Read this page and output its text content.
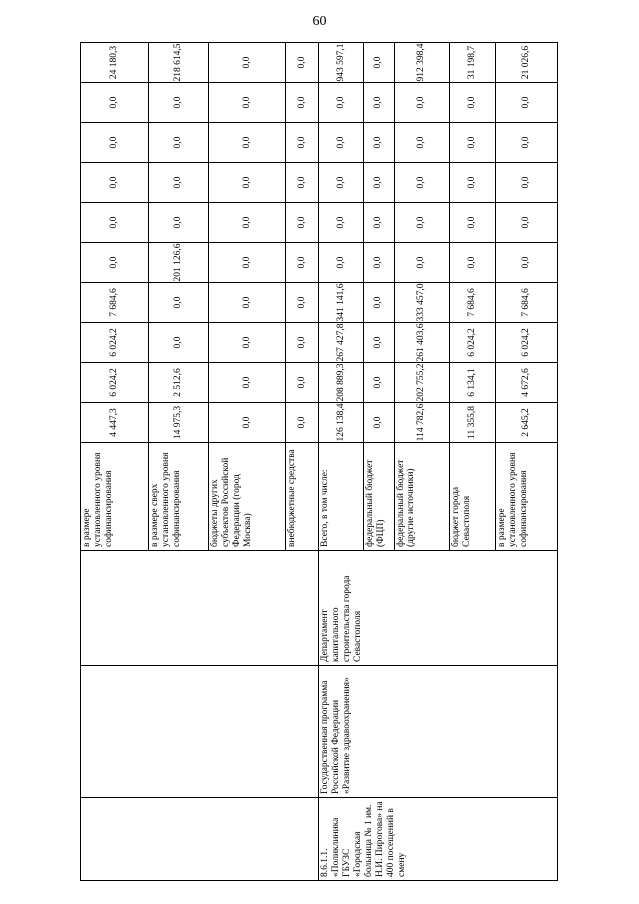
60
			в размере установленного уровня софинансирования	4 447,3	6 024,2	6 024,2	7 684,6	0,0	0,0	0,0	0,0	0,0	24 180,3
			в размере сверх установленного уровня софинансирования	14 975,3	2 512,6	0,0	0,0	201 126,6	0,0	0,0	0,0	0,0	218 614,5
			бюджеты других субъектов Российской Федерации (город Москва)	0,0	0,0	0,0	0,0	0,0	0,0	0,0	0,0	0,0	0,0
			внебюджетные средства	0,0	0,0	0,0	0,0	0,0	0,0	0,0	0,0	0,0	0,0
8.6.1.1. «Поликлиника ГБУЗС «Городская больница № 1 им. Н.И. Пирогова» на 400 посещений в смену	Государственная программа Российской Федерации «Развитие здравоохранения»	Департамент капитального строительства города Севастополя	Всего, в том числе:	126 138,4	208 889,3	267 427,8	341 141,6	0,0	0,0	0,0	0,0	0,0	943 597,1
			федеральный бюджет (ФЦП)	0,0	0,0	0,0	0,0	0,0	0,0	0,0	0,0	0,0	0,0
			федеральный бюджет (другие источники)	114 782,6	202 755,2	261 403,6	333 457,0	0,0	0,0	0,0	0,0	0,0	912 398,4
			бюджет города Севастополя	11 355,8	6 134,1	6 024,2	7 684,6	0,0	0,0	0,0	0,0	0,0	31 198,7
			в размере установленного уровня софинансирования	2 645,2	4 672,6	6 024,2	7 684,6	0,0	0,0	0,0	0,0	0,0	21 026,6
